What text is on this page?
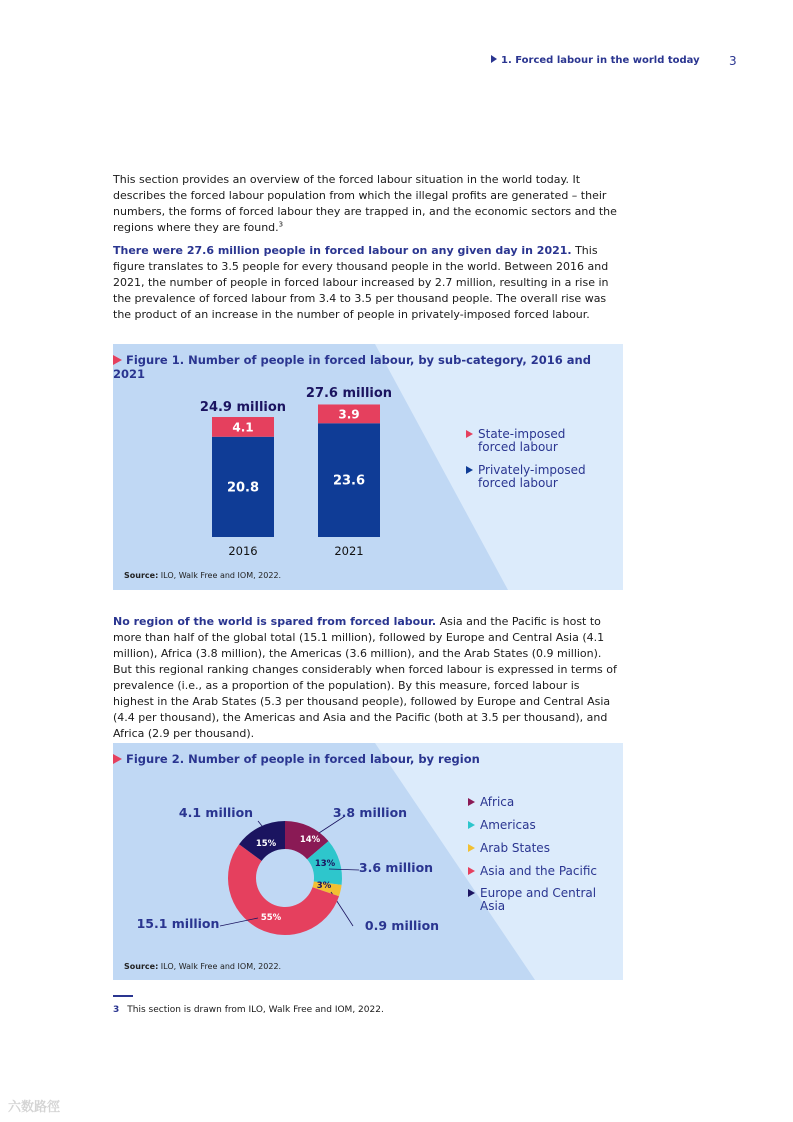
1. Forced labour in the world today 3

This section provides an overview of the forced labour situation in the world today. It describes the forced labour population from which the illegal profits are generated – their numbers, the forms of forced labour they are trapped in, and the economic sectors and the regions where they are found.$^3$

There were 27.6 million people in forced labour on any given day in 2021. This figure translates to 3.5 people for every thousand people in the world. Between 2016 and 2021, the number of people in forced labour increased by 2.7 million, resulting in a rise in the prevalence of forced labour from 3.4 to 3.5 per thousand people. The overall rise was the product of an increase in the number of people in privately-imposed forced labour.

Figure 1. Number of people in forced labour, by sub-category, 2016 and 2021
24.9 million
27.6 million
2016	2021
20.8
4.1
23.6
3.9
State-imposed
forced labour
Privately-imposed
forced labour
Source: ILO, Walk Free and IOM, 2022.

No region of the world is spared from forced labour. Asia and the Pacific is host to more than half of the global total (15.1 million), followed by Europe and Central Asia (4.1 million), Africa (3.8 million), the Americas (3.6 million), and the Arab States (0.9 million). But this regional ranking changes considerably when forced labour is expressed in terms of prevalence (i.e., as a proportion of the population). By this measure, forced labour is highest in the Arab States (5.3 per thousand people), followed by Europe and Central Asia (4.4 per thousand), the Americas and Asia and the Pacific (both at 3.5 per thousand), and Africa (2.9 per thousand).

Figure 2. Number of people in forced labour, by region
14%
3.8 million
13% 3.6 million
3%
0.9 million
55%
15.1 million
15%
4.1 million
Africa
Americas
Arab States
Asia and the Pacific
Europe and Central
Asia
Source: ILO, Walk Free and IOM, 2022.
3 This section is drawn from ILO, Walk Free and IOM, 2022.
六数路徑
